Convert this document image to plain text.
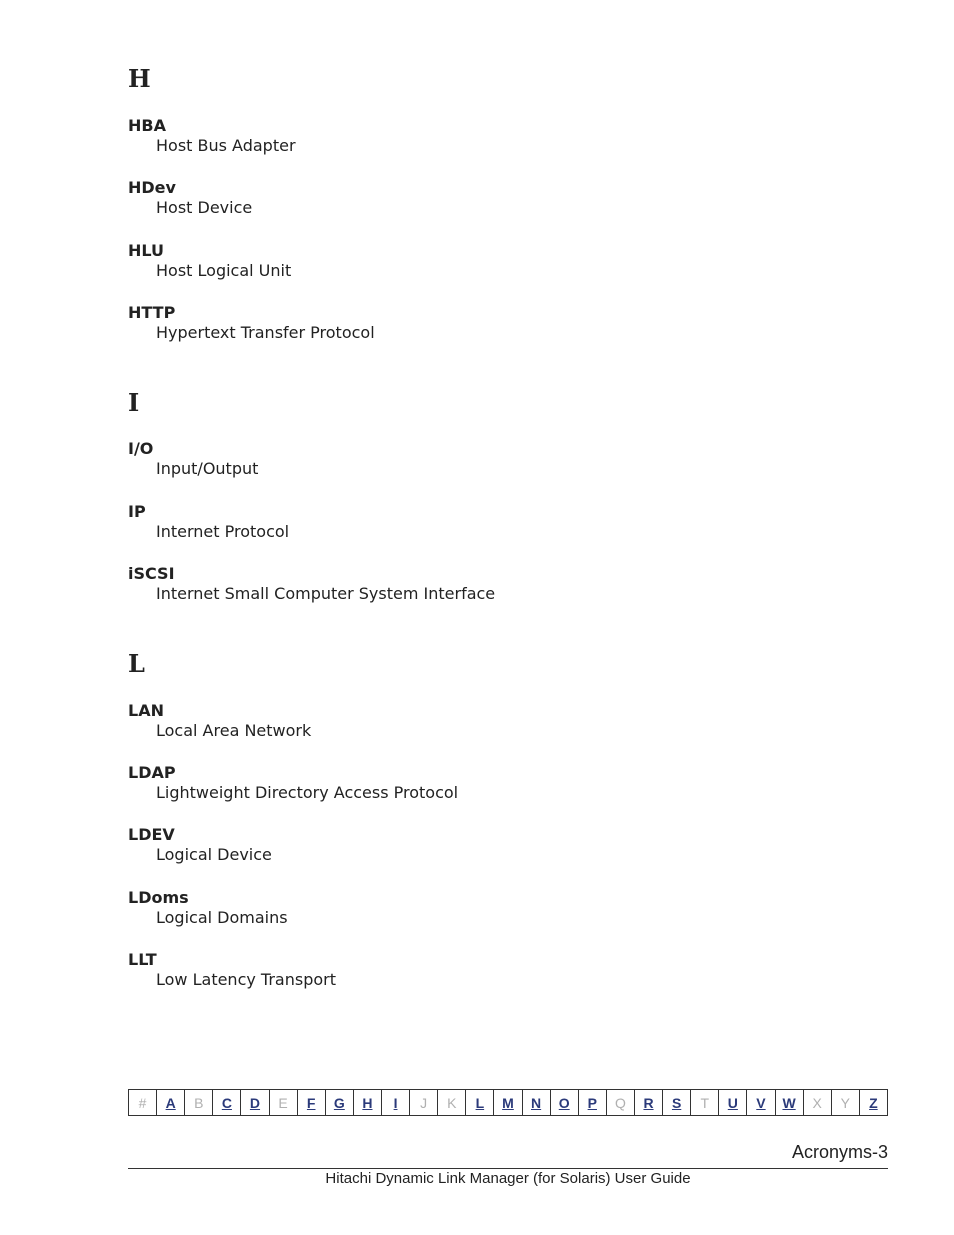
H
HBA
Host Bus Adapter
HDev
Host Device
HLU
Host Logical Unit
HTTP
Hypertext Transfer Protocol
I
I/O
Input/Output
IP
Internet Protocol
iSCSI
Internet Small Computer System Interface
L
LAN
Local Area Network
LDAP
Lightweight Directory Access Protocol
LDEV
Logical Device
LDoms
Logical Domains
LLT
Low Latency Transport
# A B C D E F G H I J K L M N O P Q R S T U V W X Y Z
Acronyms-3
Hitachi Dynamic Link Manager (for Solaris) User Guide
